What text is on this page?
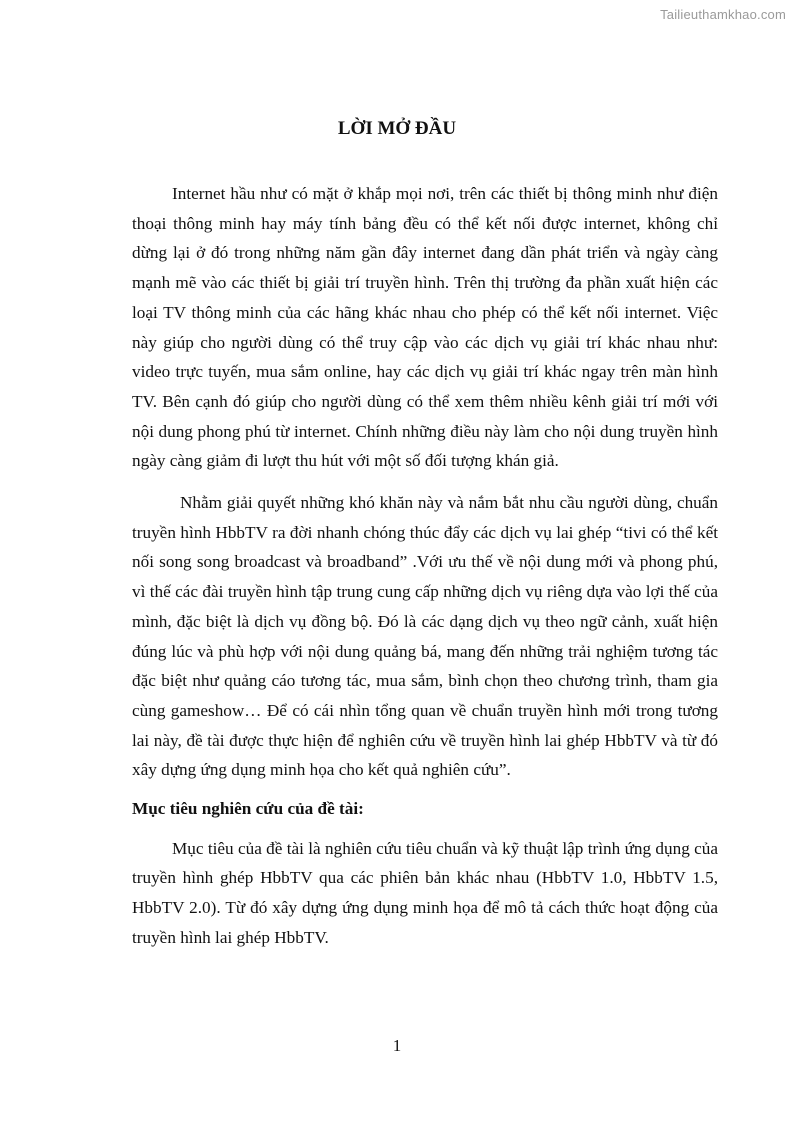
Tailieuthamkhao.com
LỜI MỞ ĐẦU

Internet hầu như có mặt ở khắp mọi nơi, trên các thiết bị thông minh như điện thoại thông minh hay máy tính bảng đều có thể kết nối được internet, không chỉ dừng lại ở đó trong những năm gần đây internet đang dần phát triển và ngày càng mạnh mẽ vào các thiết bị giải trí truyền hình. Trên thị trường đa phần xuất hiện các loại TV thông minh của các hãng khác nhau cho phép có thể kết nối internet. Việc này giúp cho người dùng có thể truy cập vào các dịch vụ giải trí khác nhau như: video trực tuyến, mua sắm online, hay các dịch vụ giải trí khác ngay trên màn hình TV. Bên cạnh đó giúp cho người dùng có thể xem thêm nhiều kênh giải trí mới với nội dung phong phú từ internet. Chính những điều này làm cho nội dung truyền hình ngày càng giảm đi lượt thu hút với một số đối tượng khán giả.

Nhằm giải quyết những khó khăn này và nắm bắt nhu cầu người dùng, chuẩn truyền hình HbbTV ra đời nhanh chóng thúc đẩy các dịch vụ lai ghép “tivi có thể kết nối song song broadcast và broadband” .Với ưu thế về nội dung mới và phong phú, vì thế các đài truyền hình tập trung cung cấp những dịch vụ riêng dựa vào lợi thế của mình, đặc biệt là dịch vụ đồng bộ. Đó là các dạng dịch vụ theo ngữ cảnh, xuất hiện đúng lúc và phù hợp với nội dung quảng bá, mang đến những trải nghiệm tương tác đặc biệt như quảng cáo tương tác, mua sắm, bình chọn theo chương trình, tham gia cùng gameshow… Để có cái nhìn tổng quan về chuẩn truyền hình mới trong tương lai này, đề tài được thực hiện để nghiên cứu về truyền hình lai ghép HbbTV và từ đó xây dựng ứng dụng minh họa cho kết quả nghiên cứu”.

Mục tiêu nghiên cứu của đề tài:

Mục tiêu của đề tài là nghiên cứu tiêu chuẩn và kỹ thuật lập trình ứng dụng của truyền hình ghép HbbTV qua các phiên bản khác nhau (HbbTV 1.0, HbbTV 1.5, HbbTV 2.0). Từ đó xây dựng ứng dụng minh họa để mô tả cách thức hoạt động của truyền hình lai ghép HbbTV.

1
